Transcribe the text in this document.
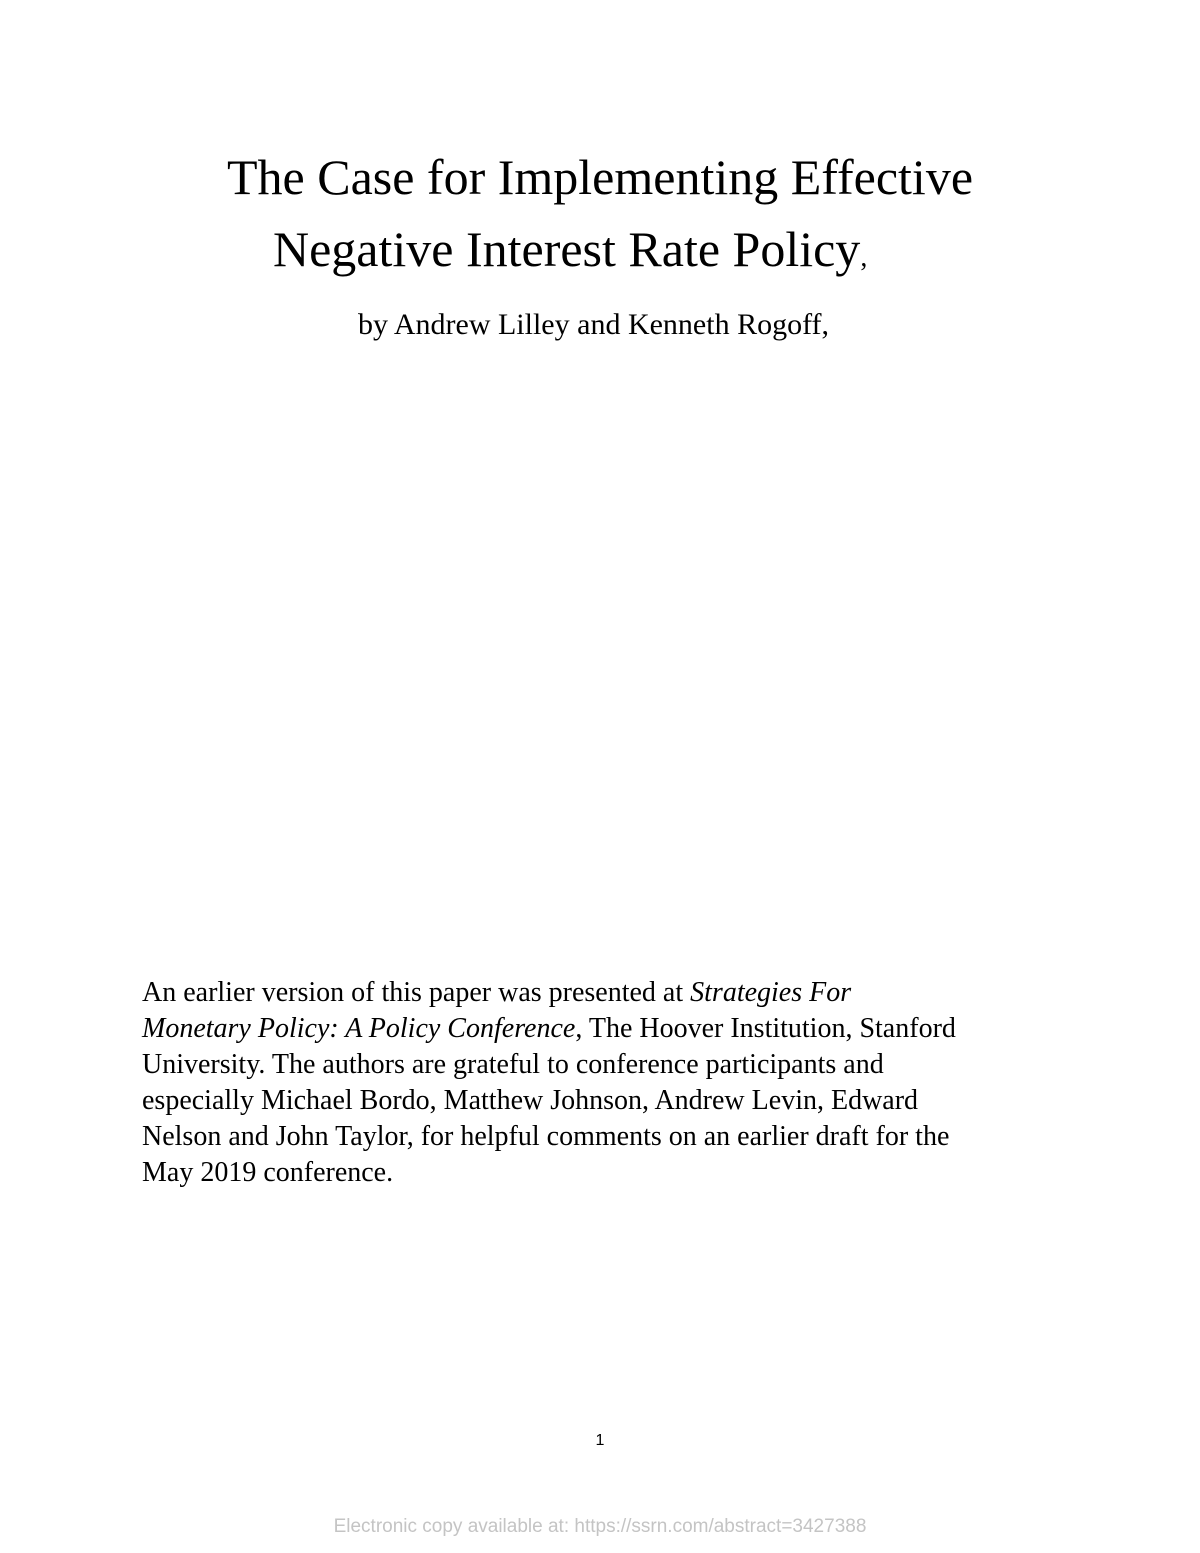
The Case for Implementing Effective
Negative Interest Rate Policy,
by Andrew Lilley and Kenneth Rogoff,
An earlier version of this paper was presented at Strategies For
Monetary Policy: A Policy Conference, The Hoover Institution, Stanford
University. The authors are grateful to conference participants and
especially Michael Bordo, Matthew Johnson, Andrew Levin, Edward
Nelson and John Taylor, for helpful comments on an earlier draft for the
May 2019 conference.
1
Electronic copy available at: https://ssrn.com/abstract=3427388
